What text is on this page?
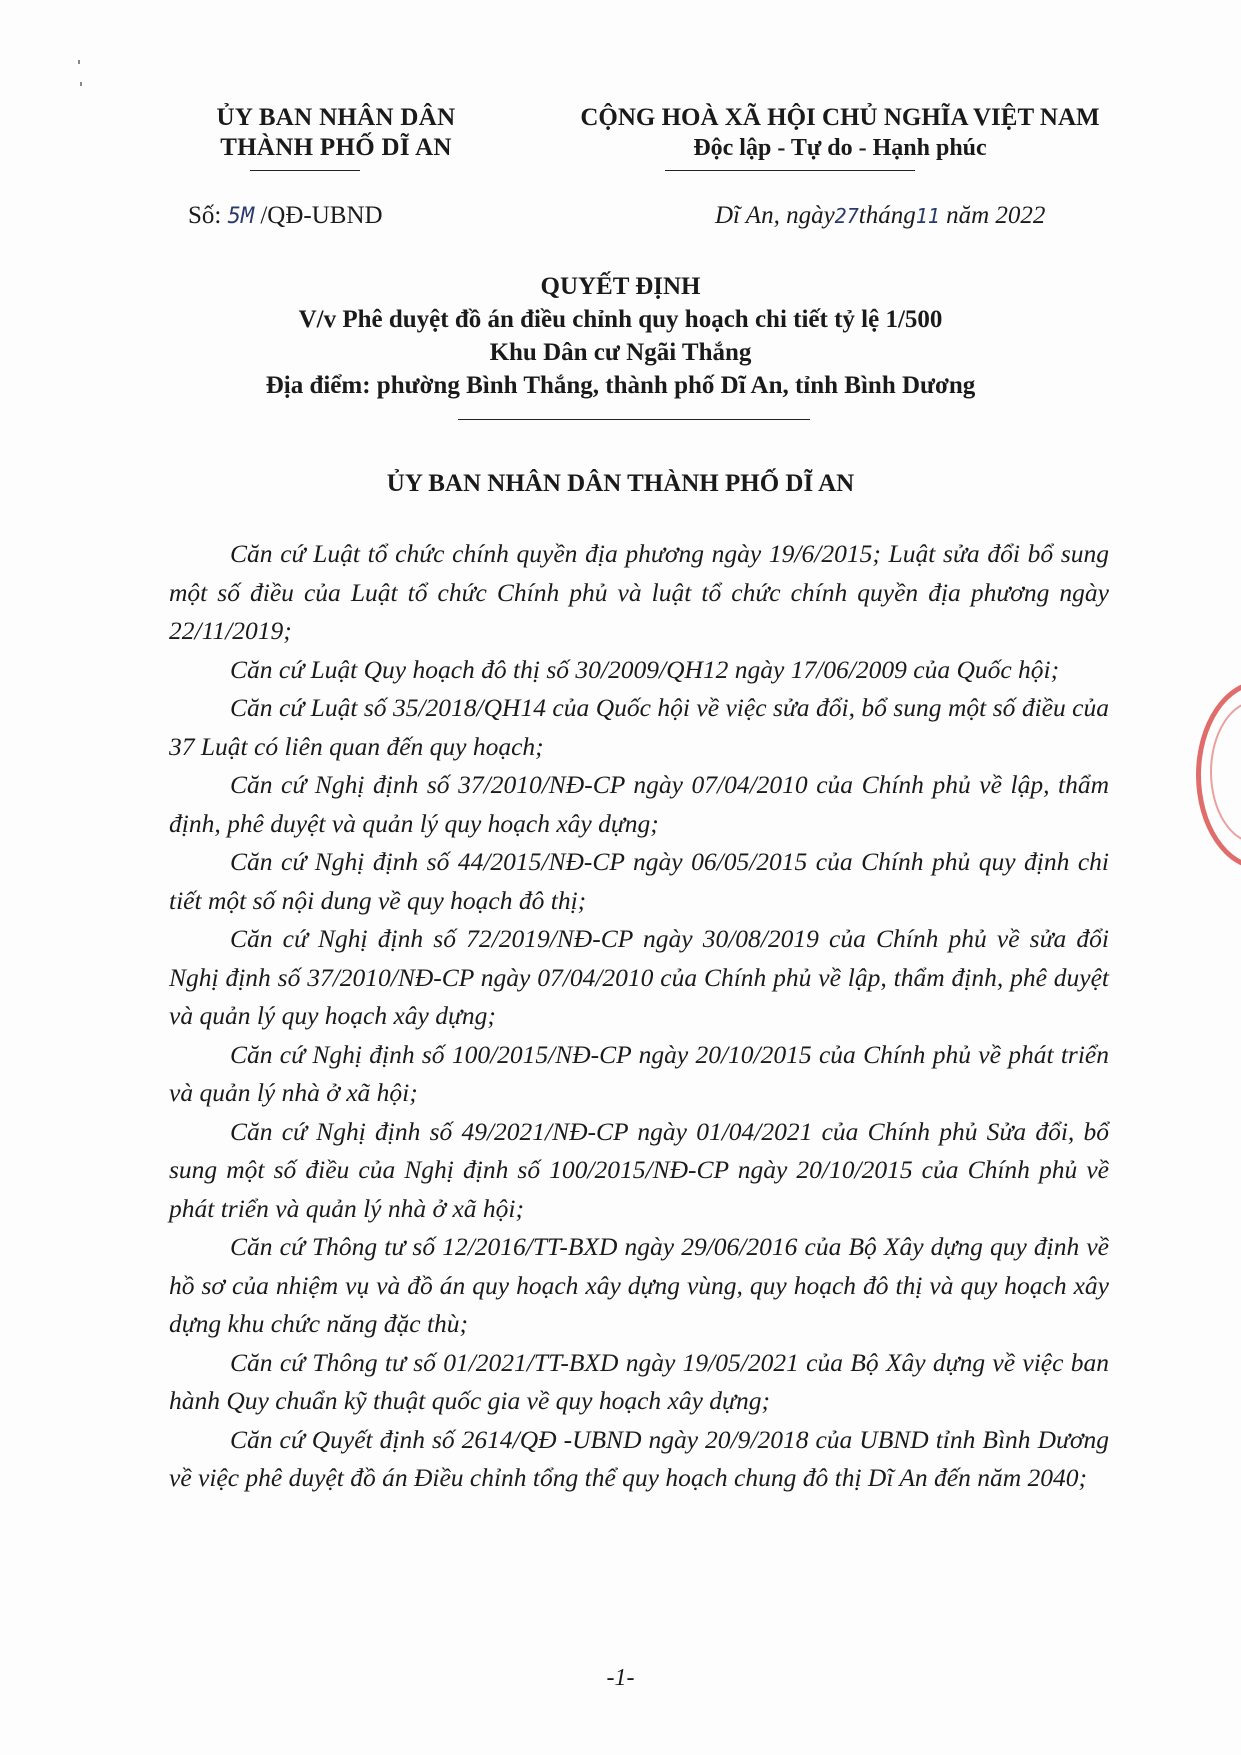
ỦY BAN NHÂN DÂN
THÀNH PHỐ DĨ AN
CỘNG HOÀ XÃ HỘI CHỦ NGHĨA VIỆT NAM
Độc lập - Tự do - Hạnh phúc
Số: 5M /QĐ-UBND	Dĩ An, ngày27tháng11 năm 2022
QUYẾT ĐỊNH
V/v Phê duyệt đồ án điều chỉnh quy hoạch chi tiết tỷ lệ 1/500
Khu Dân cư Ngãi Thắng
Địa điểm: phường Bình Thắng, thành phố Dĩ An, tỉnh Bình Dương
ỦY BAN NHÂN DÂN THÀNH PHỐ DĨ AN

Căn cứ Luật tổ chức chính quyền địa phương ngày 19/6/2015; Luật sửa đổi bổ sung một số điều của Luật tổ chức Chính phủ và luật tổ chức chính quyền địa phương ngày 22/11/2019;

Căn cứ Luật Quy hoạch đô thị số 30/2009/QH12 ngày 17/06/2009 của Quốc hội;

Căn cứ Luật số 35/2018/QH14 của Quốc hội về việc sửa đổi, bổ sung một số điều của 37 Luật có liên quan đến quy hoạch;

Căn cứ Nghị định số 37/2010/NĐ-CP ngày 07/04/2010 của Chính phủ về lập, thẩm định, phê duyệt và quản lý quy hoạch xây dựng;

Căn cứ Nghị định số 44/2015/NĐ-CP ngày 06/05/2015 của Chính phủ quy định chi tiết một số nội dung về quy hoạch đô thị;

Căn cứ Nghị định số 72/2019/NĐ-CP ngày 30/08/2019 của Chính phủ về sửa đổi Nghị định số 37/2010/NĐ-CP ngày 07/04/2010 của Chính phủ về lập, thẩm định, phê duyệt và quản lý quy hoạch xây dựng;

Căn cứ Nghị định số 100/2015/NĐ-CP ngày 20/10/2015 của Chính phủ về phát triển và quản lý nhà ở xã hội;

Căn cứ Nghị định số 49/2021/NĐ-CP ngày 01/04/2021 của Chính phủ Sửa đổi, bổ sung một số điều của Nghị định số 100/2015/NĐ-CP ngày 20/10/2015 của Chính phủ về phát triển và quản lý nhà ở xã hội;

Căn cứ Thông tư số 12/2016/TT-BXD ngày 29/06/2016 của Bộ Xây dựng quy định về hồ sơ của nhiệm vụ và đồ án quy hoạch xây dựng vùng, quy hoạch đô thị và quy hoạch xây dựng khu chức năng đặc thù;

Căn cứ Thông tư số 01/2021/TT-BXD ngày 19/05/2021 của Bộ Xây dựng về việc ban hành Quy chuẩn kỹ thuật quốc gia về quy hoạch xây dựng;

Căn cứ Quyết định số 2614/QĐ -UBND ngày 20/9/2018 của UBND tỉnh Bình Dương về việc phê duyệt đồ án Điều chỉnh tổng thể quy hoạch chung đô thị Dĩ An đến năm 2040;

-1-
